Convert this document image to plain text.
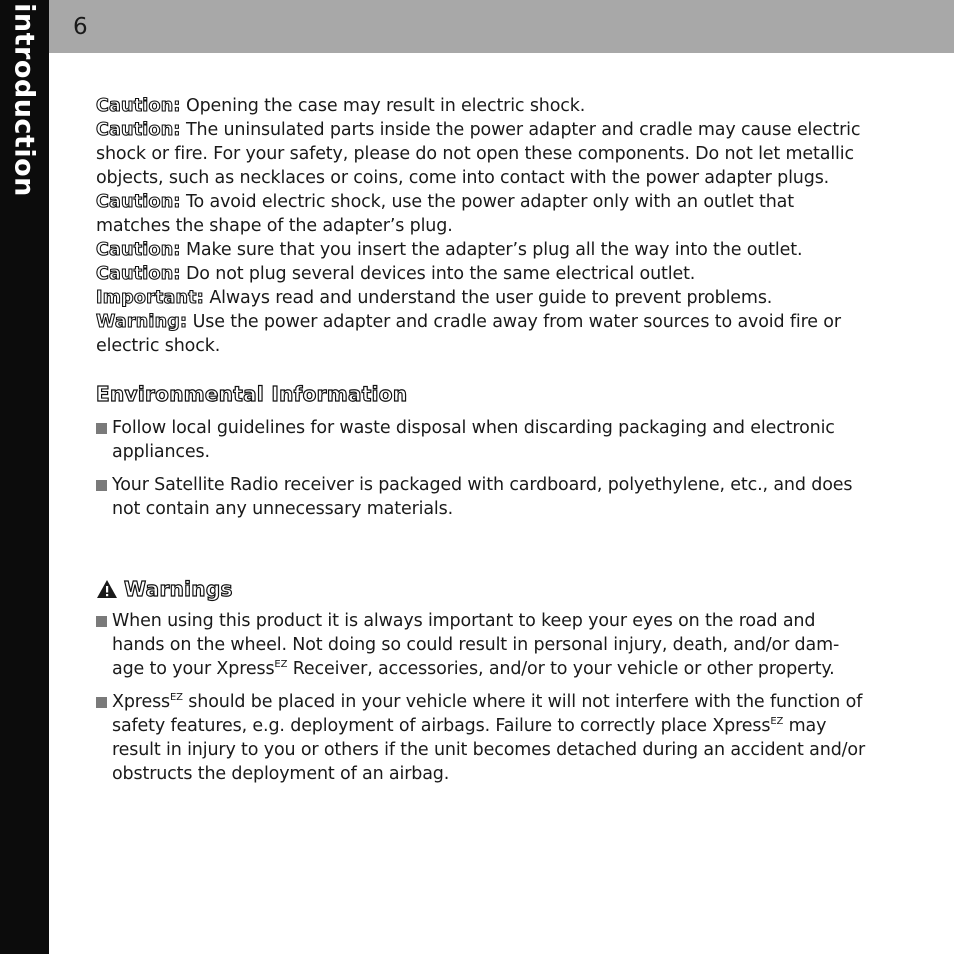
introduction 6

Caution: Opening the case may result in electric shock.

Caution: The uninsulated parts inside the power adapter and cradle may cause electric shock or fire. For your safety, please do not open these components. Do not let metallic objects, such as necklaces or coins, come into contact with the power adapter plugs.

Caution: To avoid electric shock, use the power adapter only with an outlet that matches the shape of the adapter’s plug.

Caution: Make sure that you insert the adapter’s plug all the way into the outlet.

Caution: Do not plug several devices into the same electrical outlet.

Important: Always read and understand the user guide to prevent problems.

Warning: Use the power adapter and cradle away from water sources to avoid fire or electric shock.

Environmental Information
Follow local guidelines for waste disposal when discarding packaging and electronic appliances.
Your Satellite Radio receiver is packaged with cardboard, polyethylene, etc., and does not contain any unnecessary materials.
Warnings
When using this product it is always important to keep your eyes on the road and hands on the wheel. Not doing so could result in personal injury, death, and/or dam-age to your Xpress$^{EZ}$ Receiver, accessories, and/or to your vehicle or other property.
Xpress$^{EZ}$ should be placed in your vehicle where it will not interfere with the function of safety features, e.g. deployment of airbags. Failure to correctly place Xpress$^{EZ}$ may result in injury to you or others if the unit becomes detached during an accident and/or obstructs the deployment of an airbag.
